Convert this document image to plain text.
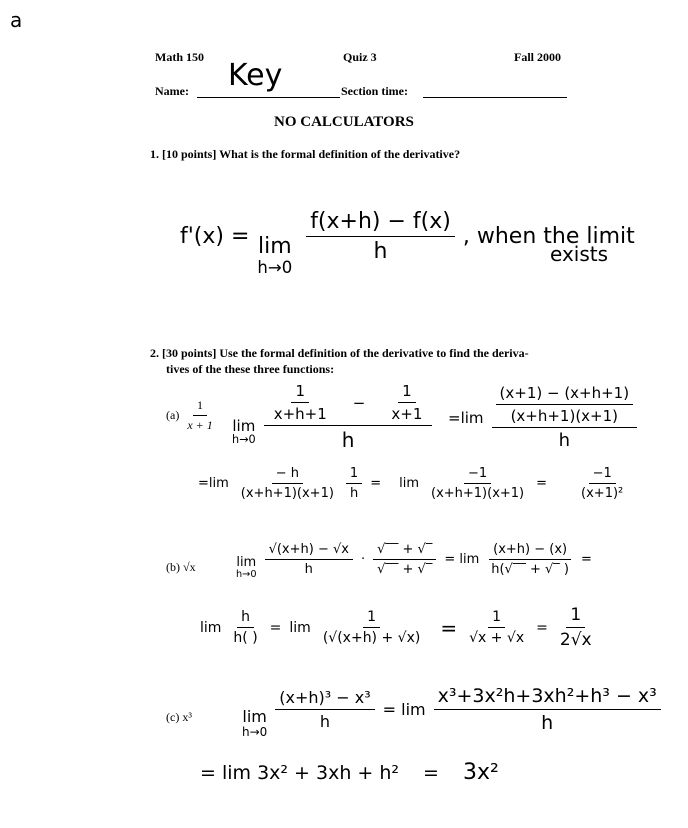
a
Math 150	Quiz 3	Fall 2000
Name: Key	Section time:
NO CALCULATORS
1. [10 points] What is the formal definition of the derivative?
f'(x) = lim
h→0
$\frac{f(x+h) - f(x)}{h}$ , when the limit
exists
2. [30 points] Use the formal definition of the derivative to find the deriva-
tives of the these three functions:
$(a) \frac{1}{x + 1}$ lim
$h\to 0 \frac{\frac{1}{x+h+1} - \frac{1}{x+1}}{h} =\lim \frac{\frac{(x+1) - (x+h+1)}{(x+h+1)(x+1)}}{h}$
$=\lim \frac{- h}{(x+h+1)(x+1)} \frac{1}{h} = \lim \frac{-1}{(x+h+1)(x+1)} = \frac{-1}{\text{(x+1)²}}$
(b) √x	lim
$h\to 0 \frac{√(x+h) - √x}{h} \cdot \frac{√‾‾ + √‾}{√‾‾ + √‾} = \lim \frac{(x+h) - (x)}{h(√‾‾ + √‾ )}$ =
$\lim \frac{h}{h( )} = \lim \frac{1}{(√(x+h) + √x)} = \frac{1}{√x + √x} = \frac{1}{2√x}$
(c) x³	lim
h→0
$\frac{\text{(x+h)³ − x³}}{h} = \lim \frac{\text{x³+3x²h+3xh²+h³ − x³}}{h}$
= lim 3x² + 3xh + h² = 3x²
